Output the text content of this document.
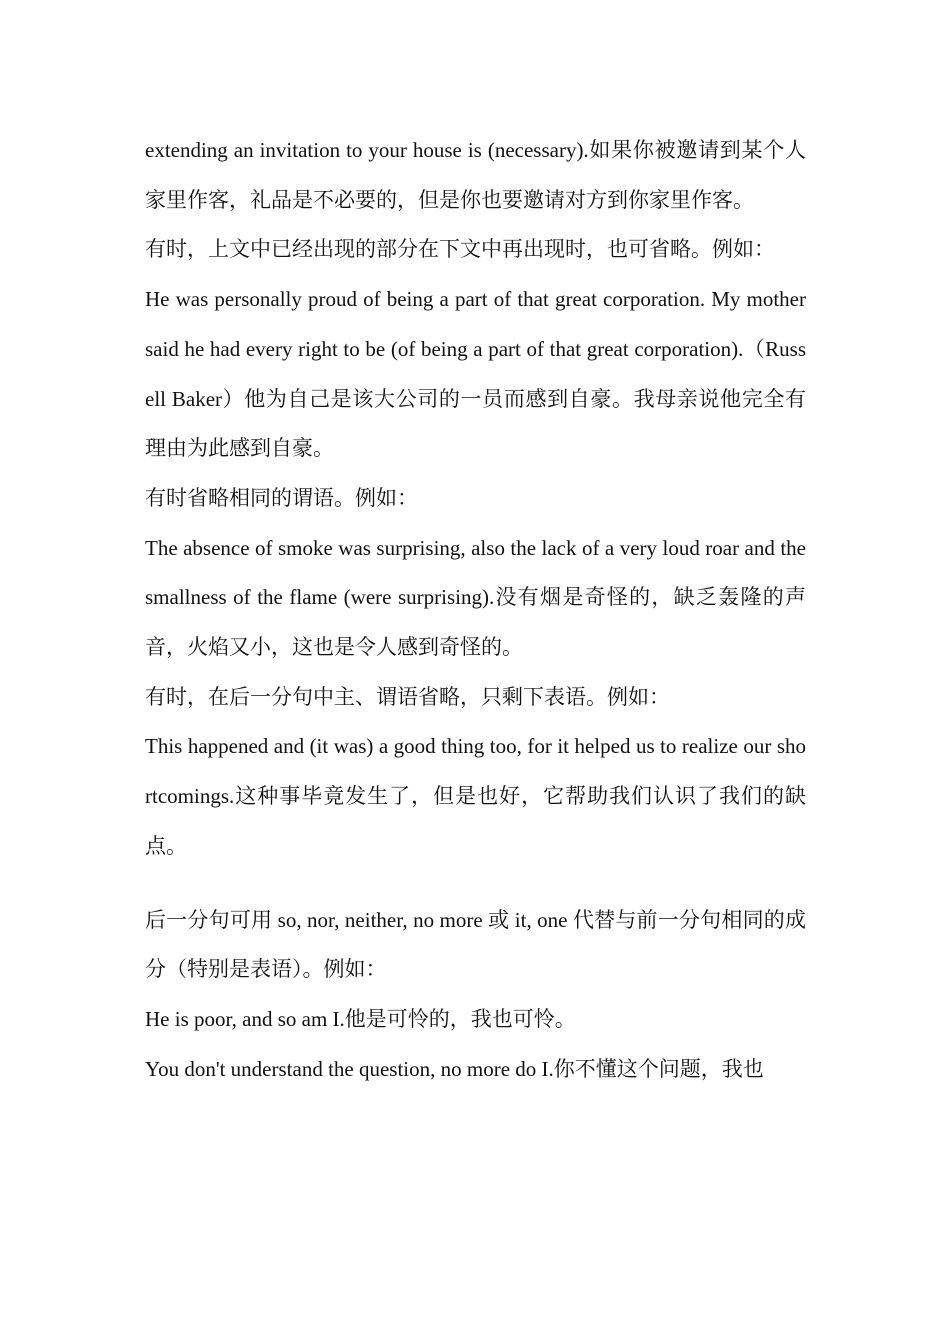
extending an invitation to your house is (necessary).如果你被邀请到某个人家里作客，礼品是不必要的，但是你也要邀请对方到你家里作客。

有时，上文中已经出现的部分在下文中再出现时，也可省略。例如：

He was personally proud of being a part of that great corporation. My mother said he had every right to be (of being a part of that great corporation).（Russell Baker）他为自己是该大公司的一员而感到自豪。我母亲说他完全有理由为此感到自豪。

有时省略相同的谓语。例如：

The absence of smoke was surprising, also the lack of a very loud roar and the smallness of the flame (were surprising).没有烟是奇怪的，缺乏轰隆的声音，火焰又小，这也是令人感到奇怪的。

有时，在后一分句中主、谓语省略，只剩下表语。例如：

This happened and (it was) a good thing too, for it helped us to realize our shortcomings.这种事毕竟发生了，但是也好，它帮助我们认识了我们的缺点。

后一分句可用 so, nor, neither, no more 或 it, one 代替与前一分句相同的成分（特别是表语）。例如：

He is poor, and so am I.他是可怜的，我也可怜。

You don't understand the question, no more do I.你不懂这个问题，我也
